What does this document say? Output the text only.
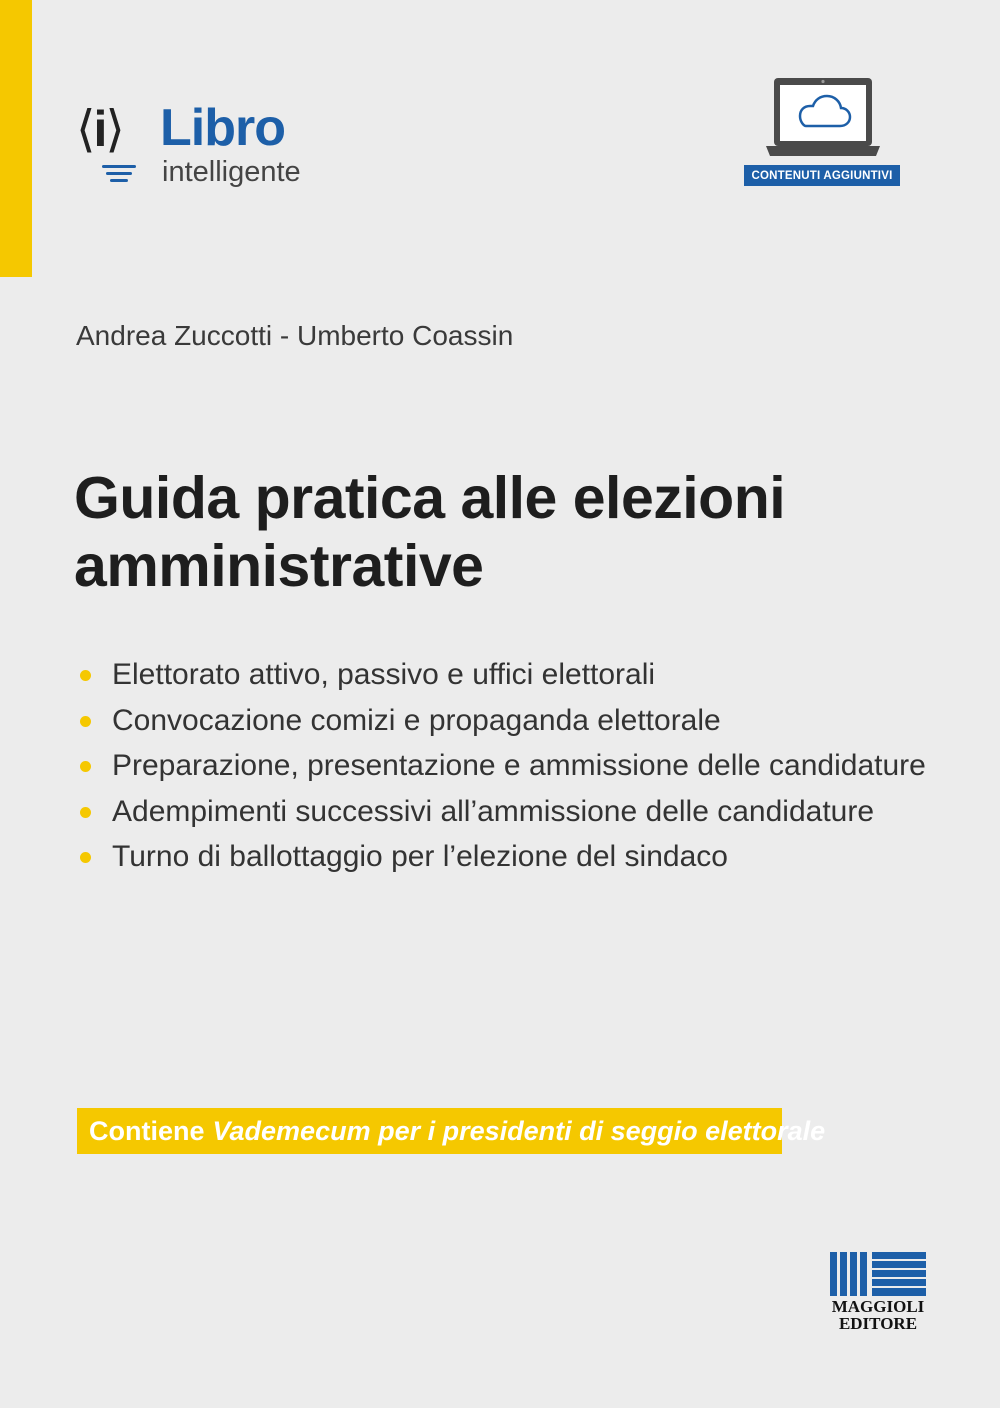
⟨i⟩ Libro
intelligente	CONTENUTI AGGIUNTIVI
Andrea Zuccotti - Umberto Coassin
Guida pratica alle elezioni
amministrative
Elettorato attivo, passivo e uffici elettorali
Convocazione comizi e propaganda elettorale
Preparazione, presentazione e ammissione delle candidature
Adempimenti successivi all’ammissione delle candidature
Turno di ballottaggio per l’elezione del sindaco
Contiene Vademecum per i presidenti di seggio elettorale
MAGGIOLI
EDITORE
